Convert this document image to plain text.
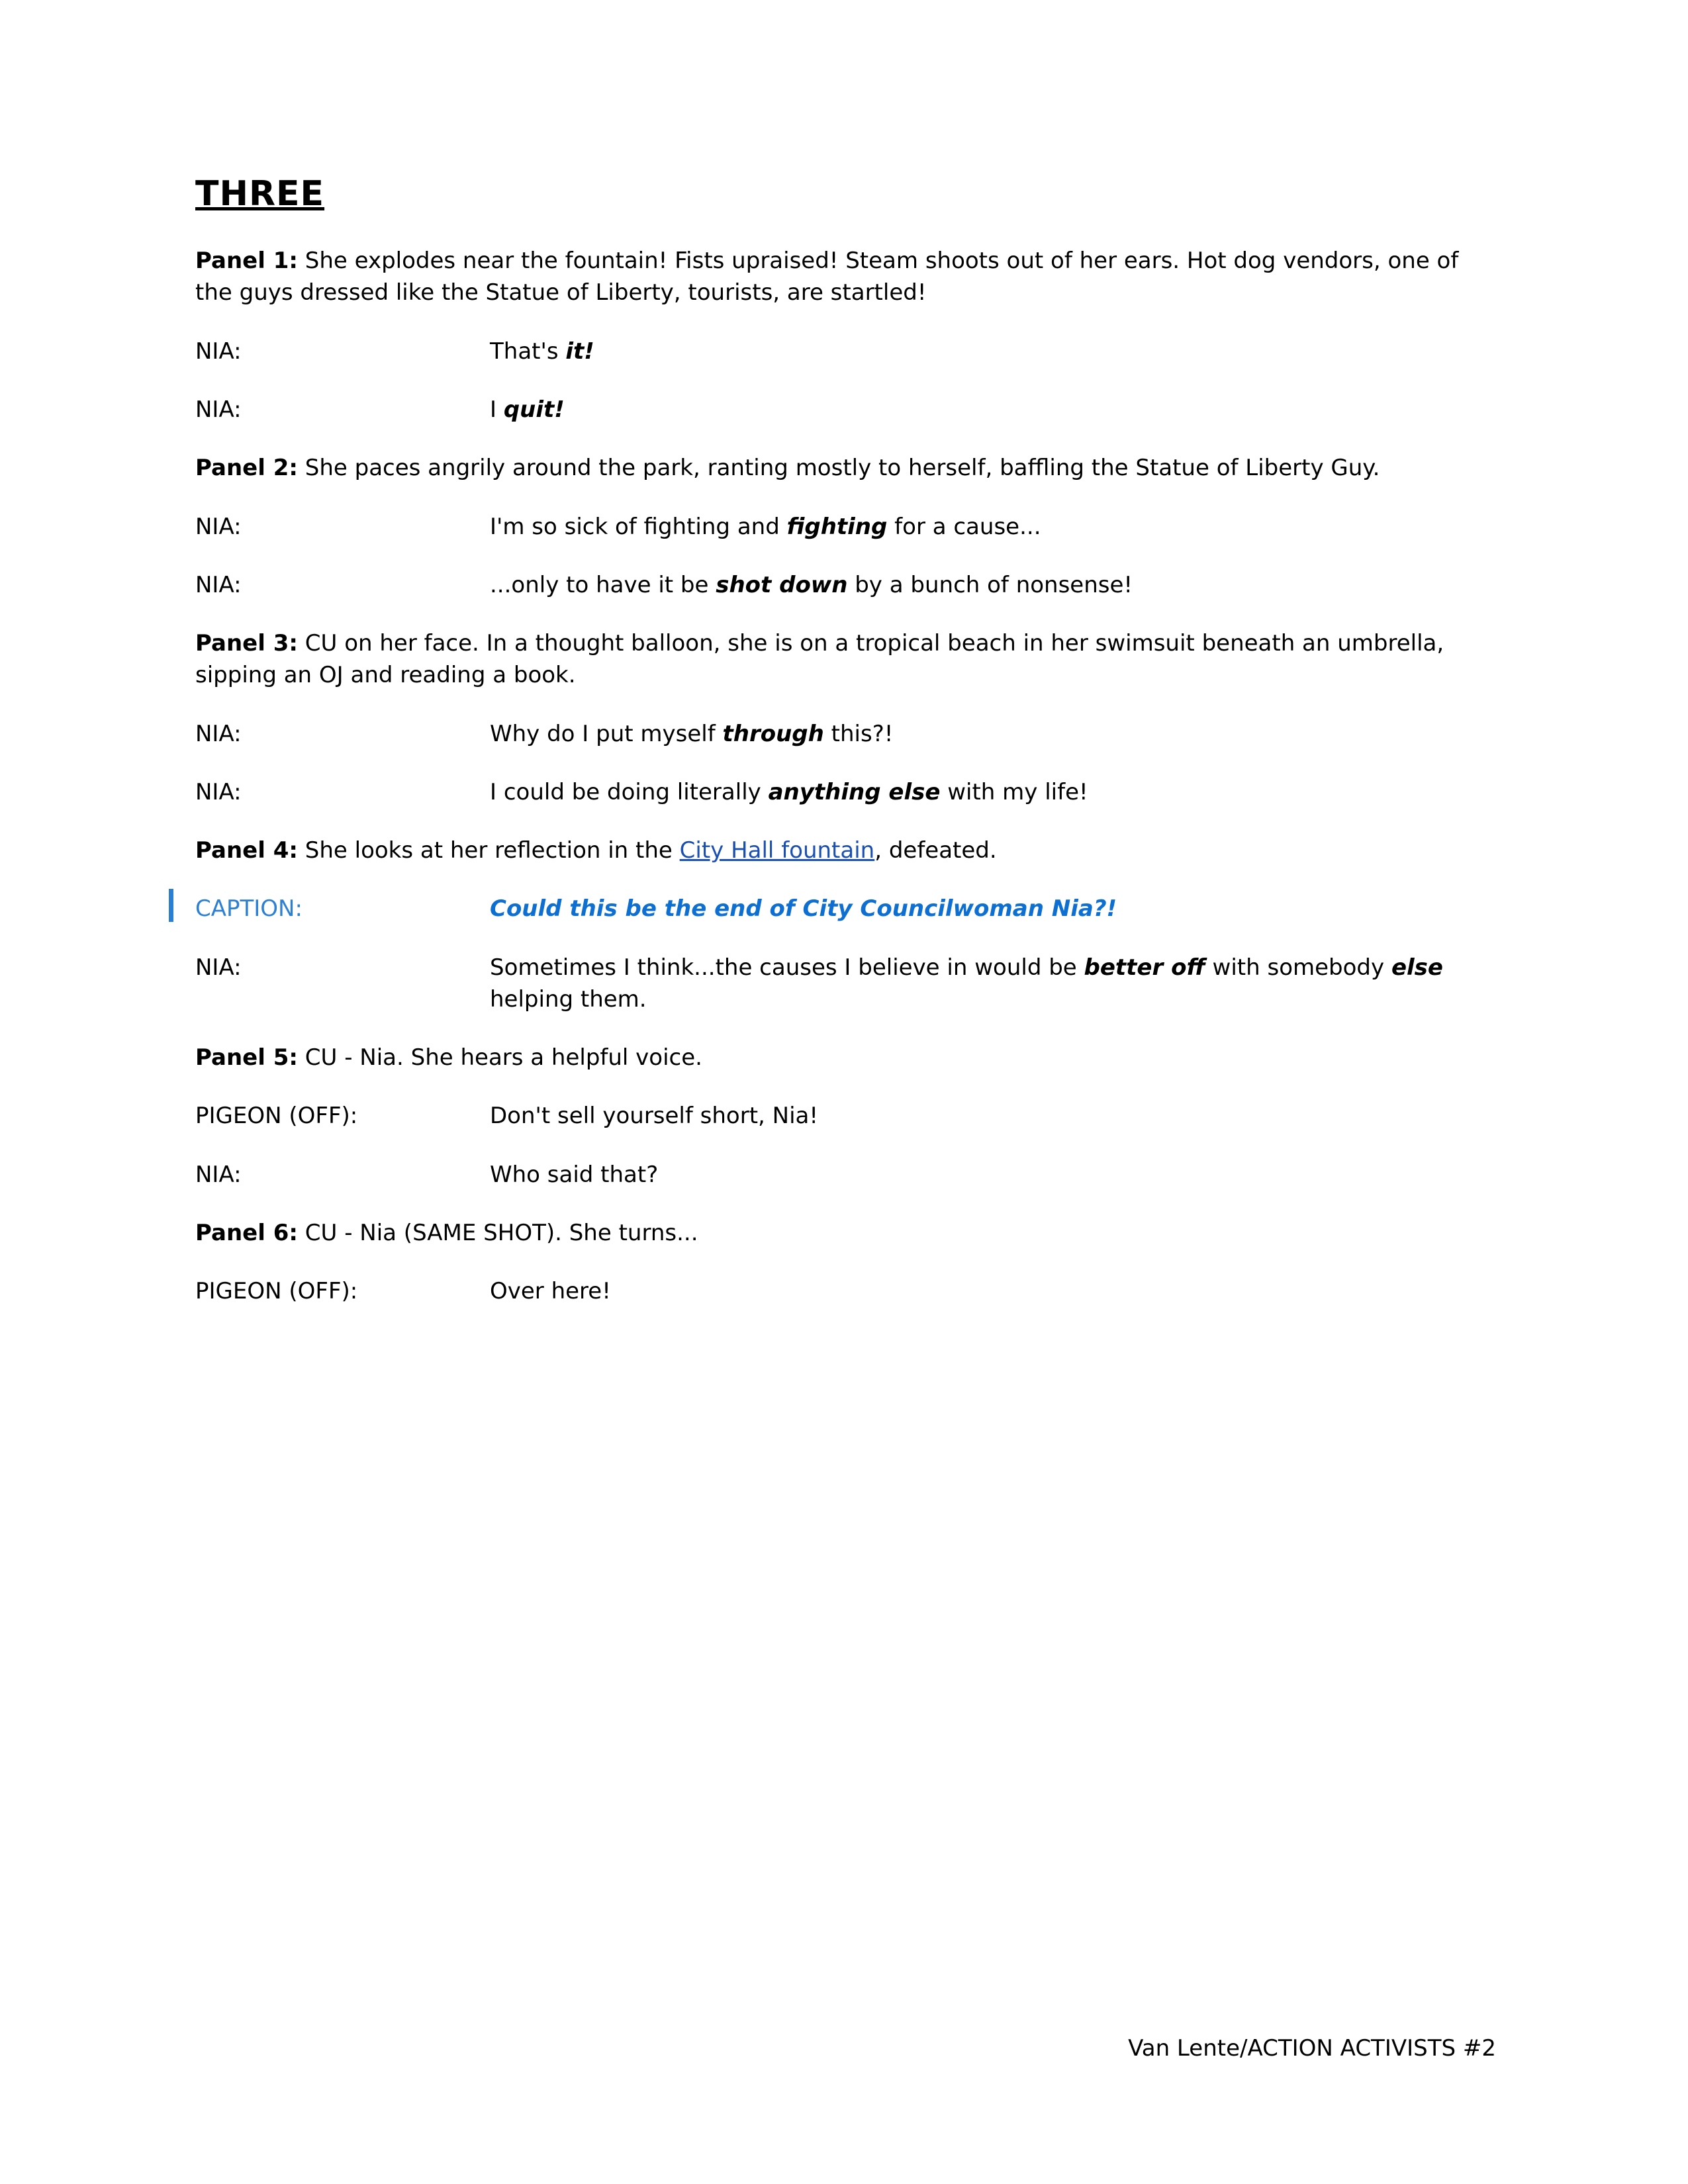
THREE

Panel 1: She explodes near the fountain! Fists upraised! Steam shoots out of her ears. Hot dog vendors, one of the guys dressed like the Statue of Liberty, tourists, are startled!

NIA:	That's it!
NIA:	I quit!

Panel 2: She paces angrily around the park, ranting mostly to herself, baffling the Statue of Liberty Guy.

NIA:	I'm so sick of fighting and fighting for a cause...
NIA:	...only to have it be shot down by a bunch of nonsense!

Panel 3: CU on her face. In a thought balloon, she is on a tropical beach in her swimsuit beneath an umbrella, sipping an OJ and reading a book.

NIA:	Why do I put myself through this?!
NIA:	I could be doing literally anything else with my life!

Panel 4: She looks at her reflection in the City Hall fountain, defeated.

CAPTION:	Could this be the end of City Councilwoman Nia?!
NIA:	Sometimes I think...the causes I believe in would be better off with somebody else helping them.

Panel 5: CU - Nia. She hears a helpful voice.

PIGEON (OFF):	Don't sell yourself short, Nia!
NIA:	Who said that?

Panel 6: CU - Nia (SAME SHOT). She turns...

PIGEON (OFF):	Over here!
Van Lente/ACTION ACTIVISTS #2
